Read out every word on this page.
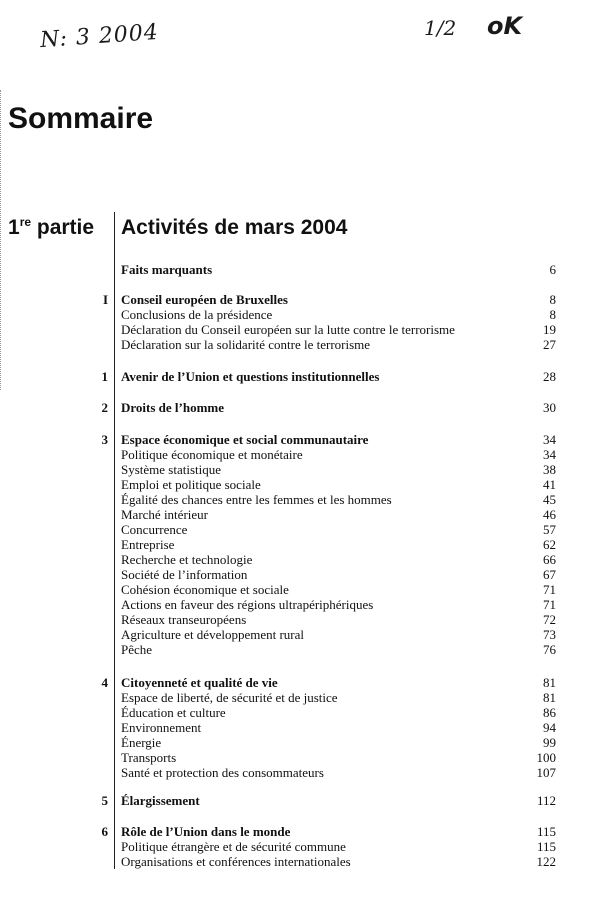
N: 3 2004	1/2 oK
Sommaire
1re partie Activités de mars 2004
Faits marquants	6
I Conseil européen de Bruxelles	8
Conclusions de la présidence	8
Déclaration du Conseil européen sur la lutte contre le terrorisme	19
Déclaration sur la solidarité contre le terrorisme	27
1 Avenir de l’Union et questions institutionnelles	28
2 Droits de l’homme	30
3 Espace économique et social communautaire	34
Politique économique et monétaire	34
Système statistique	38
Emploi et politique sociale	41
Égalité des chances entre les femmes et les hommes	45
Marché intérieur	46
Concurrence	57
Entreprise	62
Recherche et technologie	66
Société de l’information	67
Cohésion économique et sociale	71
Actions en faveur des régions ultrapériphériques	71
Réseaux transeuropéens	72
Agriculture et développement rural	73
Pêche	76
4 Citoyenneté et qualité de vie	81
Espace de liberté, de sécurité et de justice	81
Éducation et culture	86
Environnement	94
Énergie	99
Transports	100
Santé et protection des consommateurs	107
5 Élargissement	112
6 Rôle de l’Union dans le monde	115
Politique étrangère et de sécurité commune	115
Organisations et conférences internationales	122
